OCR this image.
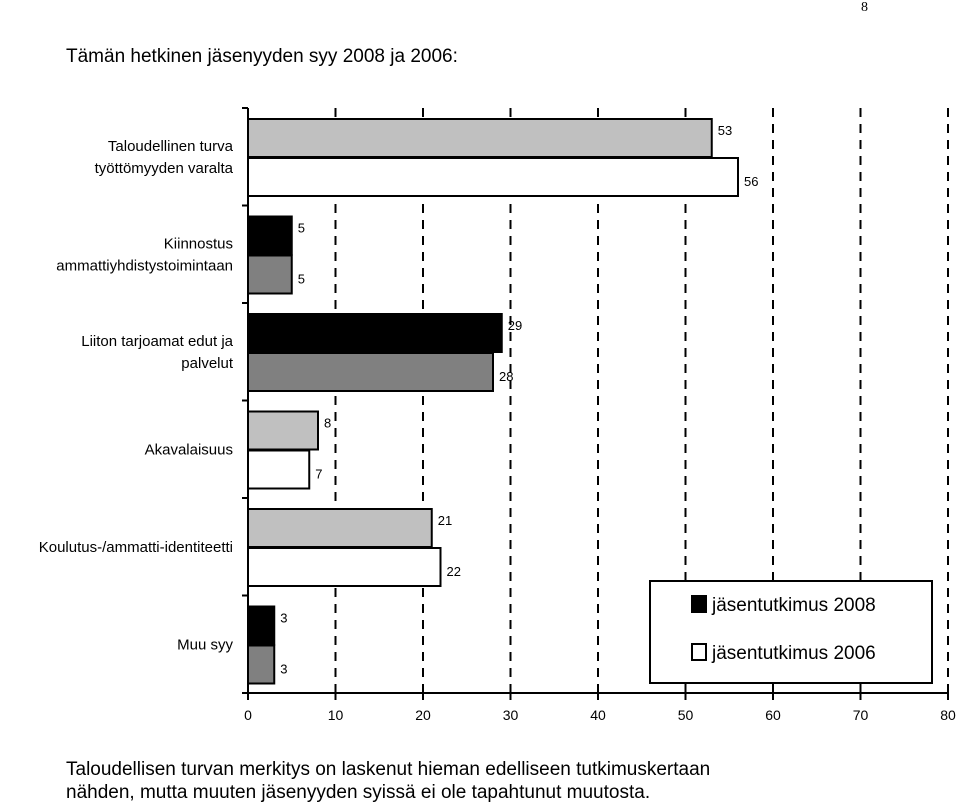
8
Tämän hetkinen jäsenyyden syy 2008 ja 2006:
53
56
Taloudellinen turva
työttömyyden varalta
5
5
Kiinnostus
ammattiyhdistystoimintaan
29
28
Liiton tarjoamat edut ja
palvelut
8
7
Akavalaisuus
21
22
Koulutus-/ammatti-identiteetti
3
3
Muu syy
0	10	20	30	40	50	60	70	80
jäsentutkimus 2008
jäsentutkimus 2006
Taloudellisen turvan merkitys on laskenut hieman edelliseen tutkimuskertaan
nähden, mutta muuten jäsenyyden syissä ei ole tapahtunut muutosta.
